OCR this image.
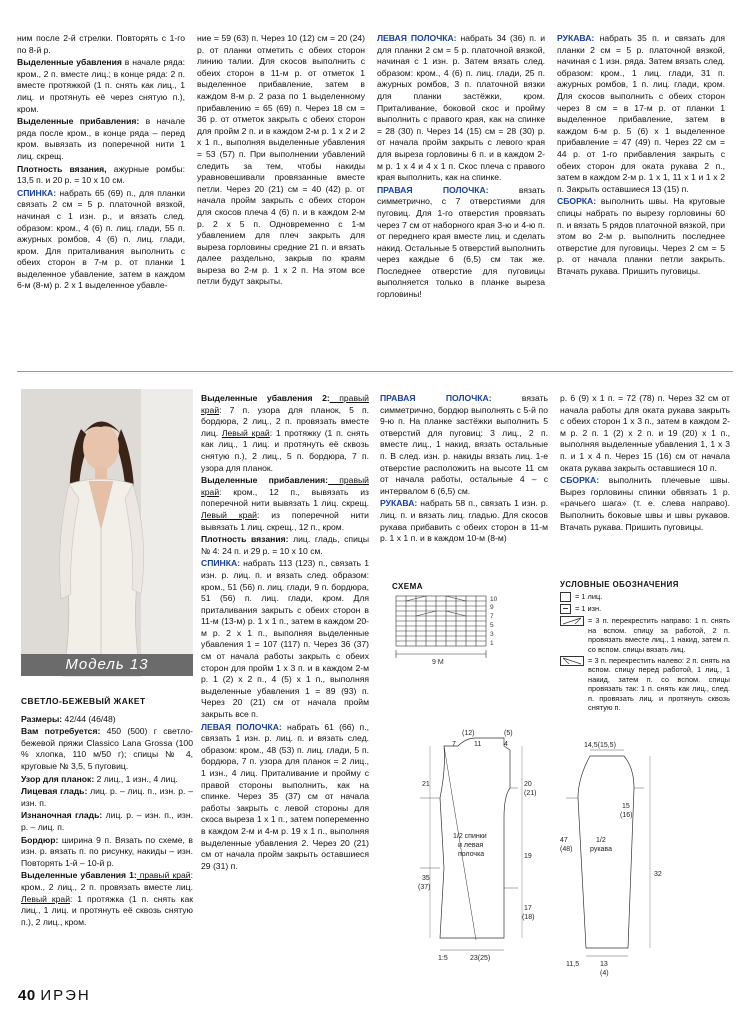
ним после 2-й стрелки. Повторять с 1-го по 8-й р.

Выделенные убавления в начале ряда: кром., 2 п. вместе лиц.; в конце ряда: 2 п. вместе протяжкой (1 п. снять как лиц., 1 лиц. и протянуть её через снятую п.), кром.

Выделенные прибавления: в начале ряда после кром., в конце ряда – перед кром. вывязать из поперечной нити 1 лиц. скрещ.

Плотность вязания, ажурные ромбы: 13,5 п. и 20 р. = 10 х 10 см.

СПИНКА: набрать 65 (69) п., для планки связать 2 см = 5 р. платочной вязкой, начиная с 1 изн. р., и вязать след. образом: кром., 4 (6) п. лиц. глади, 55 п. ажурных ромбов, 4 (6) п. лиц. глади, кром. Для приталивания выполнить с обеих сторон в 7-м р. от планки 1 выделенное убавление, затем в каждом 6-м (8-м) р. 2 х 1 выделенное убавле-

ние = 59 (63) п. Через 10 (12) см = 20 (24) р. от планки отметить с обеих сторон линию талии. Для скосов выполнить с обеих сторон в 11-м р. от отметок 1 выделенное прибавление, затем в каждом 8-м р. 2 раза по 1 выделенному прибавлению = 65 (69) п. Через 18 см = 36 р. от отметок закрыть с обеих сторон для пройм 2 п. и в каждом 2-м р. 1 х 2 и 2 х 1 п., выполняя выделенные убавления = 53 (57) п. При выполнении убавлений следить за тем, чтобы накиды уравновешивали провязанные вместе петли. Через 20 (21) см = 40 (42) р. от начала пройм закрыть с обеих сторон для скосов плеча 4 (6) п. и в каждом 2-м р. 2 х 5 п. Одновременно с 1-м убавлением для плеч закрыть для выреза горловины средние 21 п. и вязать далее раздельно, закрыв по краям выреза во 2-м р. 1 х 2 п. На этом все петли будут закрыты.

ЛЕВАЯ ПОЛОЧКА: набрать 34 (36) п. и для планки 2 см = 5 р. платочной вязкой, начиная с 1 изн. р. Затем вязать след. образом: кром., 4 (6) п. лиц. глади, 25 п. ажурных ромбов, 3 п. платочной вязки для планки застёжки, кром. Приталивание, боковой скос и пройму выполнить с правого края, как на спинке = 28 (30) п. Через 14 (15) см = 28 (30) р. от начала пройм закрыть с левого края для выреза горловины 6 п. и в каждом 2-м р. 1 х 4 и 4 х 1 п. Скос плеча с правого края выполнить, как на спинке.

ПРАВАЯ ПОЛОЧКА: вязать симметрично, с 7 отверстиями для пуговиц. Для 1-го отверстия провязать через 7 см от наборного края 3-ю и 4-ю п. от переднего края вместе лиц. и сделать накид. Остальные 5 отверстий выполнить через каждые 6 (6,5) см так же. Последнее отверстие для пуговицы выполняется только в планке выреза горловины!

РУКАВА: набрать 35 п. и связать для планки 2 см = 5 р. платочной вязкой, начиная с 1 изн. ряда. Затем вязать след. образом: кром., 1 лиц. глади, 31 п. ажурных ромбов, 1 п. лиц. глади, кром. Для скосов выполнить с обеих сторон через 8 см = в 17-м р. от планки 1 выделенное прибавление, затем в каждом 6-м р. 5 (6) х 1 выделенное прибавление = 47 (49) п. Через 22 см = 44 р. от 1-го прибавления закрыть с обеих сторон для оката рукава 2 п., затем в каждом 2-м р. 1 х 1, 11 х 1 и 1 х 2 п. Закрыть оставшиеся 13 (15) п.

СБОРКА: выполнить швы. На круговые спицы набрать по вырезу горловины 60 п. и вязать 5 рядов платочной вязкой, при этом во 2-м р. выполнить последнее отверстие для пуговицы. Через 2 см = 5 р. от начала планки петли закрыть. Втачать рукава. Пришить пуговицы.

Модель 13
СВЕТЛО-БЕЖЕВЫЙ ЖАКЕТ

Размеры: 42/44 (46/48)

Вам потребуется: 450 (500) г светло-бежевой пряжи Classico Lana Grossa (100 % хлопка, 110 м/50 г); спицы № 4, круговые № 3,5, 5 пуговиц.

Узор для планок: 2 лиц., 1 изн., 4 лиц.

Лицевая гладь: лиц. р. – лиц. п., изн. р. – изн. п.

Изнаночная гладь: лиц. р. – изн. п., изн. р. – лиц. п.

Бордюр: ширина 9 п. Вязать по схеме, в изн. р. вязать п. по рисунку, накиды – изн. Повторять 1-й – 10-й р.

Выделенные убавления 1: правый край: кром., 2 лиц., 2 п. провязать вместе лиц. Левый край: 1 протяжка (1 п. снять как лиц., 1 лиц. и протянуть её сквозь снятую п.), 2 лиц., кром.

Выделенные убавления 2: правый край: 7 п. узора для планок, 5 п. бордюра, 2 лиц., 2 п. провязать вместе лиц. Левый край: 1 протяжку (1 п. снять как лиц., 1 лиц. и протянуть её сквозь снятую п.), 2 лиц., 5 п. бордюра, 7 п. узора для планок.

Выделенные прибавления: правый край: кром., 12 п., вывязать из поперечной нити вывязать 1 лиц. скрещ. Левый край: из поперечной нити вывязать 1 лиц. скрещ., 12 п., кром.

Плотность вязания: лиц. гладь, спицы № 4: 24 п. и 29 р. = 10 х 10 см.

СПИНКА: набрать 113 (123) п., связать 1 изн. р. лиц. п. и вязать след. образом: кром., 51 (56) п. лиц. глади, 9 п. бордюра, 51 (56) п. лиц. глади, кром. Для приталивания закрыть с обеих сторон в 11-м (13-м) р. 1 х 1 п., затем в каждом 20-м р. 2 х 1 п., выполняя выделенные убавления 1 = 107 (117) п. Через 36 (37) см от начала работы закрыть с обеих сторон для пройм 1 х 3 п. и в каждом 2-м р. 1 (2) х 2 п., 4 (5) х 1 п., выполняя выделенные убавления 1 = 89 (93) п. Через 20 (21) см от начала пройм закрыть все п.

ЛЕВАЯ ПОЛОЧКА: набрать 61 (66) п., связать 1 изн. р. лиц. п. и вязать след. образом: кром., 48 (53) п. лиц. глади, 5 п. бордюра, 7 п. узора для планок = 2 лиц., 1 изн., 4 лиц. Приталивание и пройму с правой стороны выполнить, как на спинке. Через 35 (37) см от начала работы закрыть с левой стороны для скоса выреза 1 х 1 п., затем попеременно в каждом 2-м и 4-м р. 19 х 1 п., выполняя выделенные убавления 2. Через 20 (21) см от начала пройм закрыть оставшиеся 29 (31) п.

ПРАВАЯ ПОЛОЧКА: вязать симметрично, бордюр выполнять с 5-й по 9-ю п. На планке застёжки выполнить 5 отверстий для пуговиц: 3 лиц., 2 п. вместе лиц., 1 накид, вязать остальные п. В след. изн. р. накиды вязать лиц. 1-е отверстие расположить на высоте 11 см от начала работы, остальные 4 – с интервалом 6 (6,5) см.

РУКАВА: набрать 58 п., связать 1 изн. р. лиц. п. и вязать лиц. гладью. Для скосов рукава прибавить с обеих сторон в 11-м р. 1 х 1 п. и в каждом 10-м (8-м)

р. 6 (9) х 1 п. = 72 (78) п. Через 32 см от начала работы для оката рукава закрыть с обеих сторон 1 х 3 п., затем в каждом 2-м р. 2 п. 1 (2) х 2 п. и 19 (20) х 1 п., выполняя выделенные убавления 1, 1 х 3 п. и 1 х 4 п. Через 15 (16) см от начала оката рукава закрыть оставшиеся 10 п.

СБОРКА: выполнить плечевые швы. Вырез горловины спинки обвязать 1 р. «рачьего шага» (т. е. слева направо). Выполнить боковые швы и швы рукавов. Втачать рукава. Пришить пуговицы.

СХЕМА
10
9
7
5
3
1
9 М
УСЛОВНЫЕ ОБОЗНАЧЕНИЯ
= 1 лиц.
= 1 изн.
= 3 п. перекрестить направо: 1 п. снять на вспом. спицу за работой, 2 п. провязать вместе лиц., 1 накид, затем п. со вспом. спицы вязать лиц.
= 3 п. перекрестить налево: 2 п. снять на вспом. спицу перед работой, 1 лиц., 1 накид, затем п. со вспом. спицы провязать так: 1 п. снять как лиц., след. п. провязать лиц. и протянуть сквозь снятую п.
(12)	(5)
7	11	4
21	20
(21)
1/2 спинки
и левая
полочка	19
35
(37)
17
(18)
1:5	23(25)
14,5(15,5)
47
(48)
15
(16)
1/2
рукава
32
11,5	13
(4)
40 ИРЭН
